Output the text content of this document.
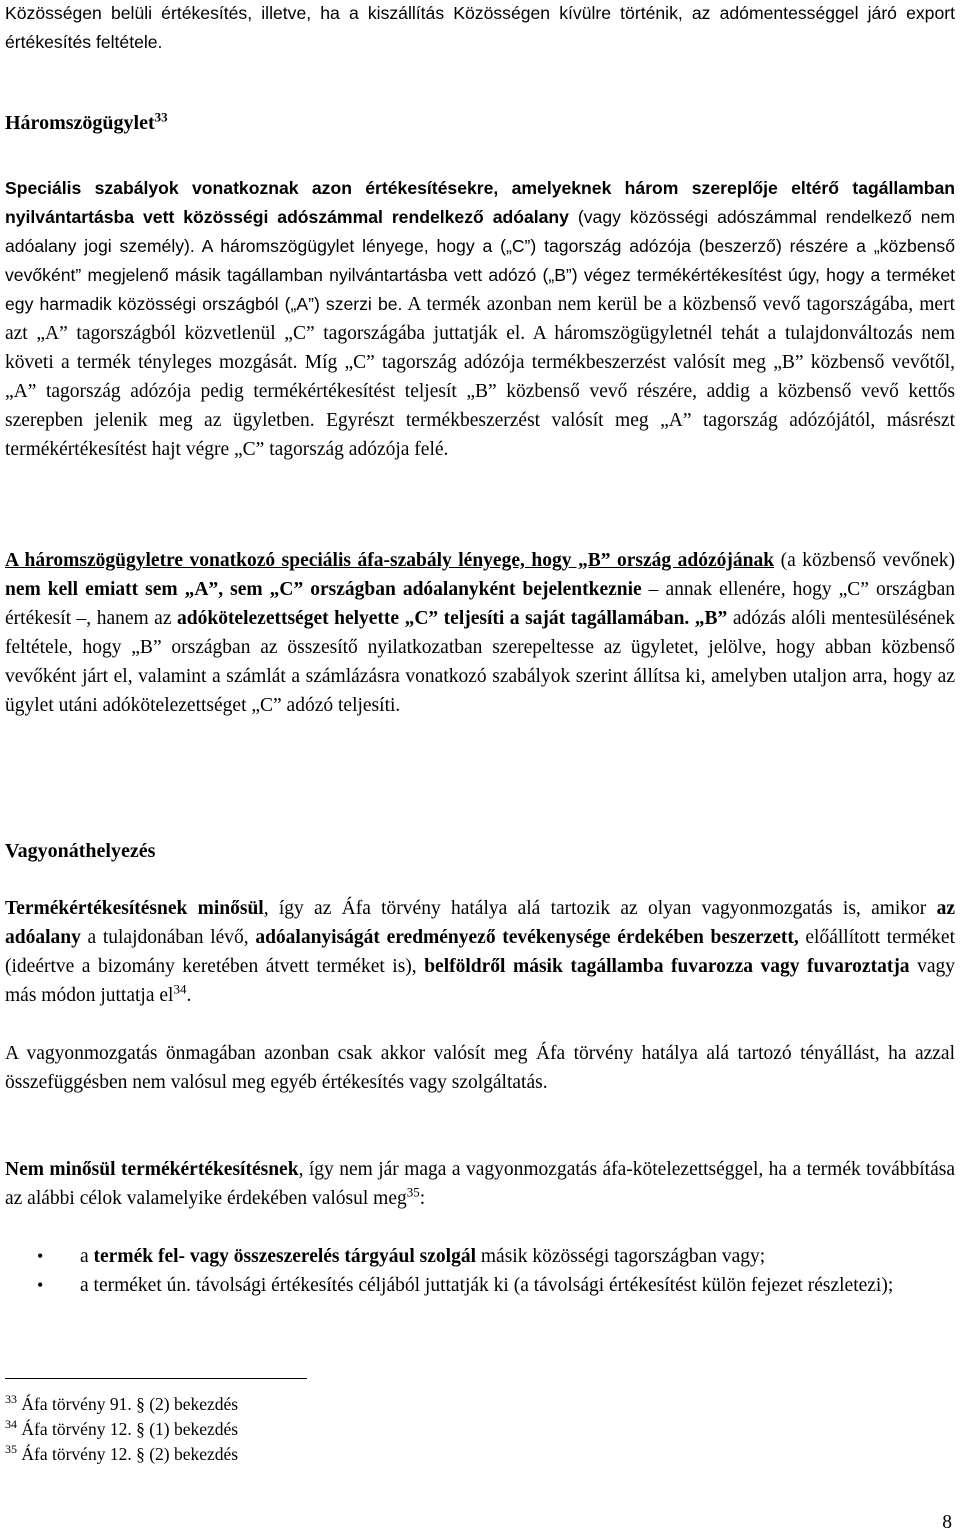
Közösségen belüli értékesítés, illetve, ha a kiszállítás Közösségen kívülre történik, az adómentességgel járó export értékesítés feltétele.

Háromszögügylet$^{33}$

Speciális szabályok vonatkoznak azon értékesítésekre, amelyeknek három szereplője eltérő tagállamban nyilvántartásba vett közösségi adószámmal rendelkező adóalany (vagy közösségi adószámmal rendelkező nem adóalany jogi személy). A háromszögügylet lényege, hogy a („C”) tagország adózója (beszerző) részére a „közbenső vevőként” megjelenő másik tagállamban nyilvántartásba vett adózó („B”) végez termékértékesítést úgy, hogy a terméket egy harmadik közösségi országból („A”) szerzi be. A termék azonban nem kerül be a közbenső vevő tagországába, mert azt „A” tagországból közvetlenül „C” tagországába juttatják el. A háromszögügyletnél tehát a tulajdonváltozás nem követi a termék tényleges mozgását. Míg „C” tagország adózója termékbeszerzést valósít meg „B” közbenső vevőtől, „A” tagország adózója pedig termékértékesítést teljesít „B” közbenső vevő részére, addig a közbenső vevő kettős szerepben jelenik meg az ügyletben. Egyrészt termékbeszerzést valósít meg „A” tagország adózójától, másrészt termékértékesítést hajt végre „C” tagország adózója felé.

A háromszögügyletre vonatkozó speciális áfa-szabály lényege, hogy „B” ország adózójának (a közbenső vevőnek) nem kell emiatt sem „A”, sem „C” országban adóalanyként bejelentkeznie – annak ellenére, hogy „C” országban értékesít –, hanem az adókötelezettséget helyette „C” teljesíti a saját tagállamában. „B” adózás alóli mentesülésének feltétele, hogy „B” országban az összesítő nyilatkozatban szerepeltesse az ügyletet, jelölve, hogy abban közbenső vevőként járt el, valamint a számlát a számlázásra vonatkozó szabályok szerint állítsa ki, amelyben utaljon arra, hogy az ügylet utáni adókötelezettséget „C” adózó teljesíti.

Vagyonáthelyezés

Termékértékesítésnek minősül, így az Áfa törvény hatálya alá tartozik az olyan vagyonmozgatás is, amikor az adóalany a tulajdonában lévő, adóalanyiságát eredményező tevékenysége érdekében beszerzett, előállított terméket (ideértve a bizomány keretében átvett terméket is), belföldről másik tagállamba fuvarozza vagy fuvaroztatja vagy más módon juttatja $el^{34}$.

A vagyonmozgatás önmagában azonban csak akkor valósít meg Áfa törvény hatálya alá tartozó tényállást, ha azzal összefüggésben nem valósul meg egyéb értékesítés vagy szolgáltatás.

Nem minősül termékértékesítésnek, így nem jár maga a vagyonmozgatás áfa-kötelezettséggel, ha a termék továbbítása az alábbi célok valamelyike érdekében valósul meg$^{35}$:

• a termék fel- vagy összeszerelés tárgyául szolgál másik közösségi tagországban vagy;
• a terméket ún. távolsági értékesítés céljából juttatják ki (a távolsági értékesítést külön fejezet részletezi);
$^{33}$ Áfa törvény 91. § (2) bekezdés
$^{34}$ Áfa törvény 12. § (1) bekezdés
$^{35}$ Áfa törvény 12. § (2) bekezdés
8
